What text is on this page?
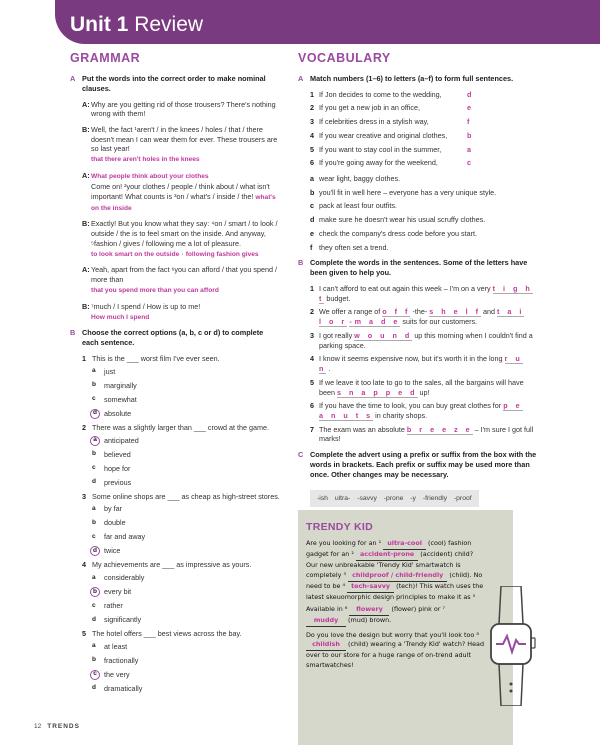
Unit 1 Review
GRAMMAR
A Put the words into the correct order to make nominal clauses.
A: Why are you getting rid of those trousers? There's nothing wrong with them!
B: Well, the fact ¹aren't / in the knees / holes / that / there doesn't mean I can wear them for ever. These trousers are so last year!
that there aren't holes in the knees
A: What people think about your clothes
Come on! ²your clothes / people / think about / what isn't important! What counts is ³on / what's / inside / the! what's on the inside
B: Exactly! But you know what they say: ⁴on / smart / to look / outside / the is to feel smart on the inside. And anyway, ⁵fashion / gives / following me a lot of pleasure.
to look smart on the outside · following fashion gives
A: Yeah, apart from the fact ⁶you can afford / that you spend / more than
that you spend more than you can afford
B: ⁷much / I spend / How is up to me!
How much I spend
B Choose the correct options (a, b, c or d) to complete each sentence.
1 This is the ___ worst film I've ever seen.
a	just
b	marginally
c	somewhat
d absolute
2 There was a slightly larger than ___ crowd at the game.
a anticipated
b	believed
c	hope for
d	previous
3 Some online shops are ___ as cheap as high-street stores.
a	by far
b	double
c	far and away
d twice
4 My achievements are ___ as impressive as yours.
a	considerably
b every bit
c	rather
d	significantly
5 The hotel offers ___ best views across the bay.
a	at least
b	fractionally
c the very
d	dramatically
VOCABULARY
A Match numbers (1–6) to letters (a–f) to form full sentences.
1 If Jon decides to come to the wedding,	d
2 If you get a new job in an office,	e
3 If celebrities dress in a stylish way,	f
4 If you wear creative and original clothes,	b
5 If you want to stay cool in the summer,	a
6 If you're going away for the weekend,	c
a wear light, baggy clothes.
b you'll fit in well here – everyone has a very unique style.
c pack at least four outfits.
d make sure he doesn't wear his usual scruffy clothes.
e check the company's dress code before you start.
f they often set a trend.
B Complete the words in the sentences. Some of the letters have been given to help you.
1 I can't afford to eat out again this week – I'm on a very t i g h t budget.
2 We offer a range of o f f -the- s h e l f and t a i l o r -m a d e suits for our customers.
3 I got really w o u n d up this morning when I couldn't find a parking space.
4 I know it seems expensive now, but it's worth it in the long r u n .
5 If we leave it too late to go to the sales, all the bargains will have been s n a p p e d up!
6 If you have the time to look, you can buy great clothes for p e a n u t s in charity shops.
7 The exam was an absolute b r e e z e – I'm sure I got full marks!
C Complete the advert using a prefix or suffix from the box with the words in brackets. Each prefix or suffix may be used more than once. Other changes may be necessary.
-ish ultra- -savvy -prone -y -friendly -proof
TRENDY KID

Are you looking for an ¹ ultra-cool (cool) fashion gadget for an ² accident-prone (accident) child? Our new unbreakable 'Trendy Kid' smartwatch is completely ³ childproof / child-friendly (child). No need to be ⁴ tech-savvy (tech)! This watch uses the latest skeuomorphic design principles to make it as ⁵

Available in ⁶ flowery (flower) pink or ⁷ muddy (mud) brown.

Do you love the design but worry that you'll look too ⁸ childish (child) wearing a 'Trendy Kid' watch? Head over to our store for a huge range of on-trend adult smartwatches!

12 TRENDS
